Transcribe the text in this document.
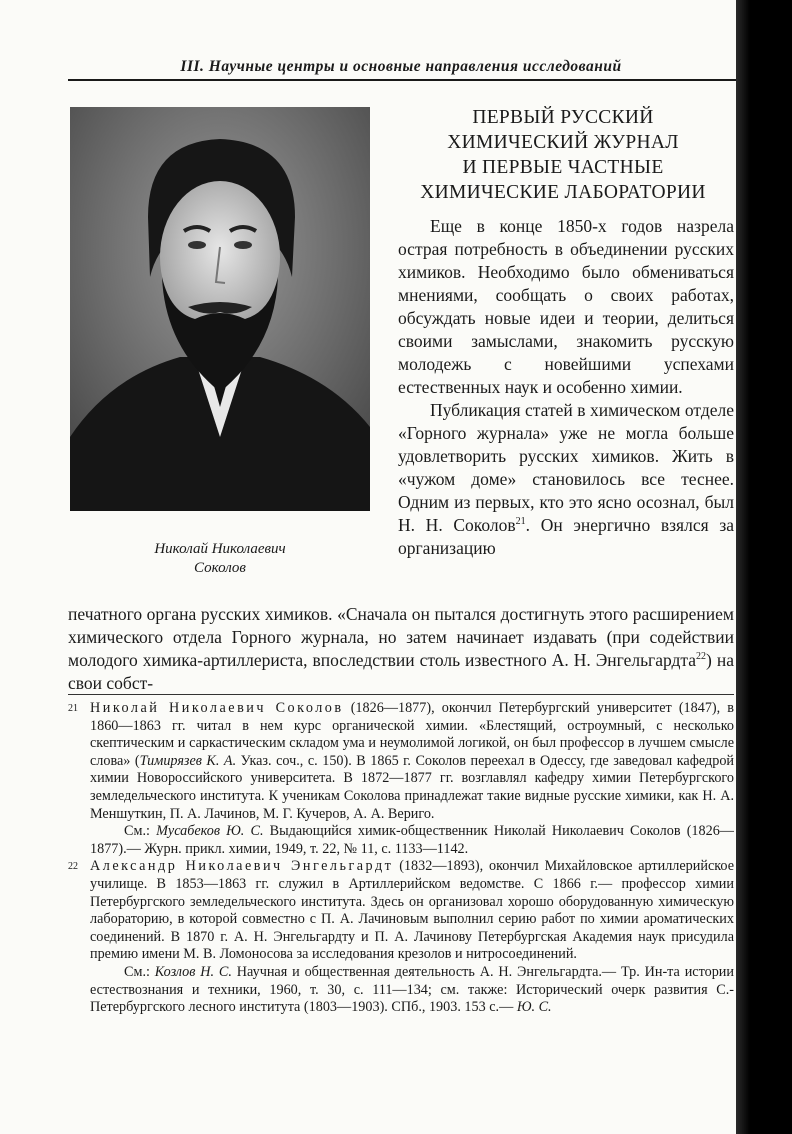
III. Научные центры и основные направления исследований
Николай Николаевич
Соколов
ПЕРВЫЙ РУССКИЙ
ХИМИЧЕСКИЙ ЖУРНАЛ
И ПЕРВЫЕ ЧАСТНЫЕ
ХИМИЧЕСКИЕ ЛАБОРАТОРИИ

Еще в конце 1850-х годов назрела острая потребность в объединении русских химиков. Необходимо было обмениваться мнениями, сообщать о своих работах, обсуждать новые идеи и теории, делиться своими замыслами, знакомить русскую молодежь с новейшими успехами естественных наук и особенно химии.

Публикация статей в химическом отделе «Горного журнала» уже не могла больше удовлетворить русских химиков. Жить в «чужом доме» становилось все теснее. Одним из первых, кто это ясно осознал, был Н. Н. Соколов$^{21}$. Он энергично взялся за организацию

печатного органа русских химиков. «Сначала он пытался достигнуть этого расширением химического отдела Горного журнала, но затем начинает издавать (при содействии молодого химика-артиллериста, впоследствии столь известного А. Н. Энгельгардта$^{22}$) на свои собст-

21 Николай Николаевич Соколов (1826—1877), окончил Петербургский университет (1847), в 1860—1863 гг. читал в нем курс органической химии. «Блестящий, остроумный, с несколько скептическим и саркастическим складом ума и неумолимой логикой, он был профессор в лучшем смысле слова» (Тимирязев К. А. Указ. соч., с. 150). В 1865 г. Соколов переехал в Одессу, где заведовал кафедрой химии Новороссийского университета. В 1872—1877 гг. возглавлял кафедру химии Петербургского земледельческого института. К ученикам Соколова принадлежат такие видные русские химики, как Н. А. Меншуткин, П. А. Лачинов, М. Г. Кучеров, А. А. Вериго.
См.: Мусабеков Ю. С. Выдающийся химик-общественник Николай Николаевич Соколов (1826—1877).— Журн. прикл. химии, 1949, т. 22, № 11, с. 1133—1142.
22 Александр Николаевич Энгельгардт (1832—1893), окончил Михайловское артиллерийское училище. В 1853—1863 гг. служил в Артиллерийском ведомстве. С 1866 г.— профессор химии Петербургского земледельческого института. Здесь он организовал хорошо оборудованную химическую лабораторию, в которой совместно с П. А. Лачиновым выполнил серию работ по химии ароматических соединений. В 1870 г. А. Н. Энгельгардту и П. А. Лачинову Петербургская Академия наук присудила премию имени М. В. Ломоносова за исследования крезолов и нитросоединений.
См.: Козлов Н. С. Научная и общественная деятельность А. Н. Энгельгардта.— Тр. Ин-та истории естествознания и техники, 1960, т. 30, с. 111—134; см. также: Исторический очерк развития С.-Петербургского лесного института (1803—1903). СПб., 1903. 153 с.— Ю. С.
